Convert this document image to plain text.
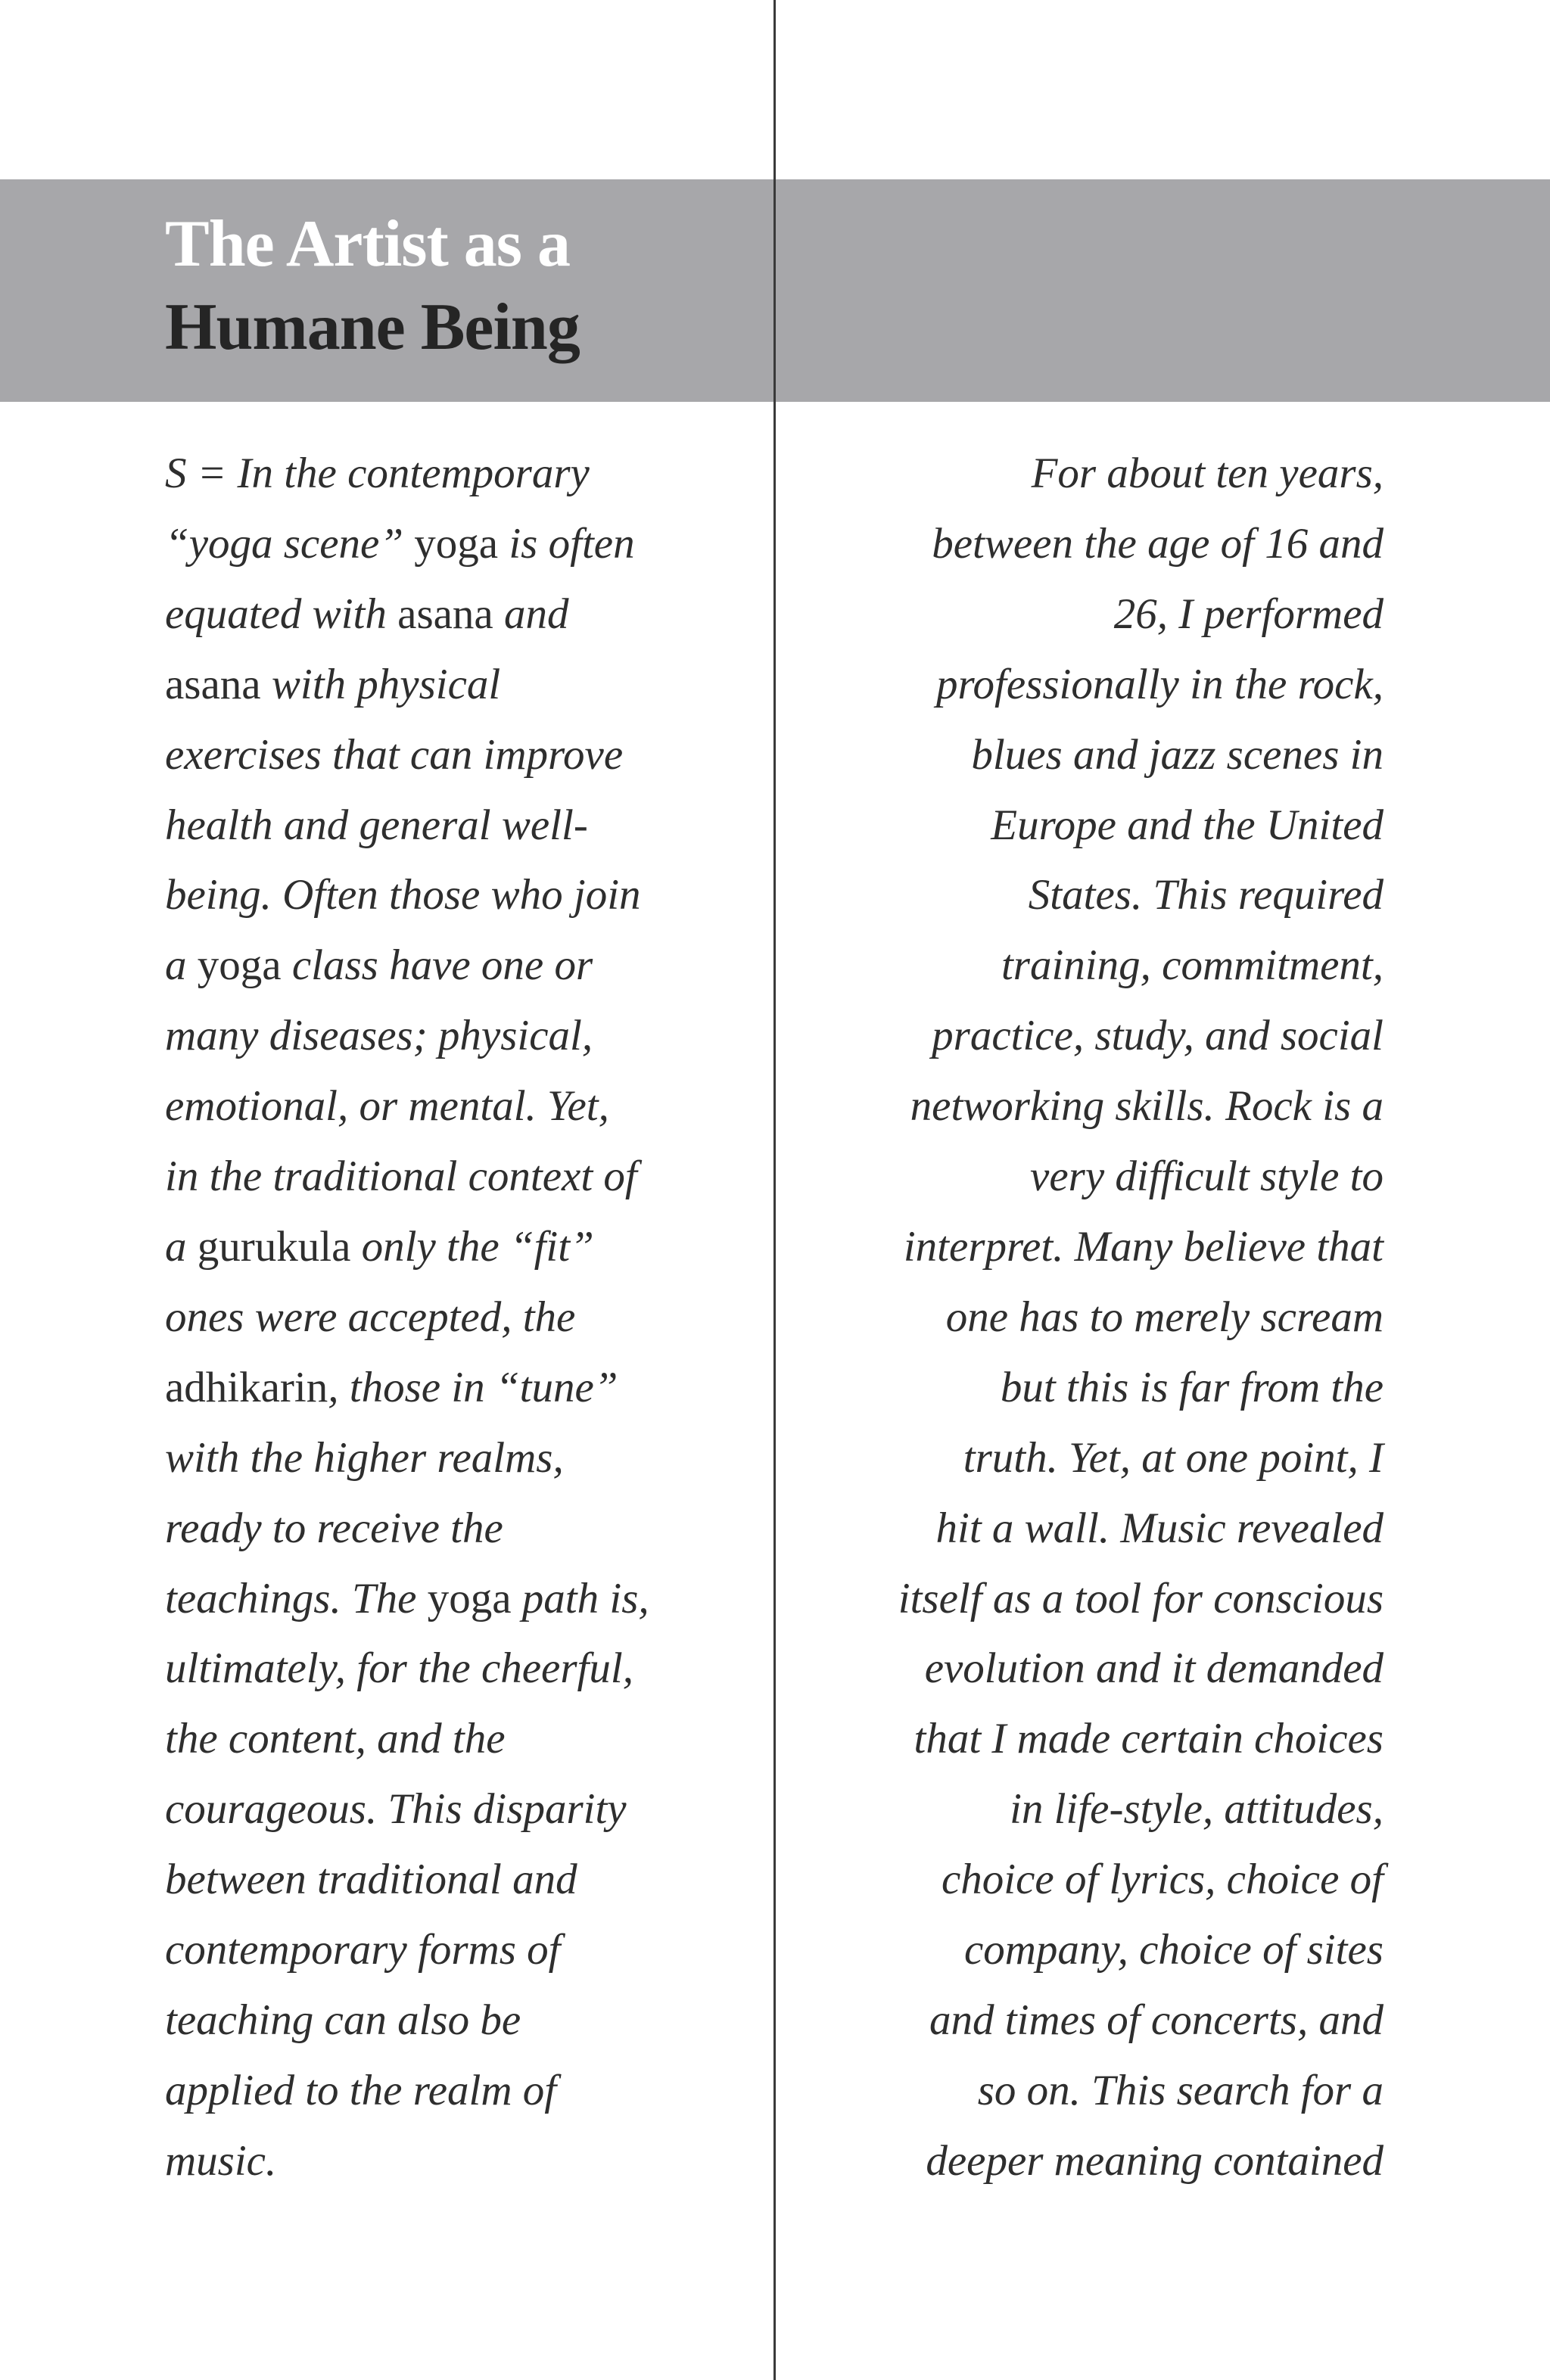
The Artist as a
Humane Being
S = In the contemporary
“yoga scene” yoga is often
equated with asana and
asana with physical
exercises that can improve
health and general well-
being. Often those who join
a yoga class have one or
many diseases; physical,
emotional, or mental. Yet,
in the traditional context of
a gurukula only the “fit”
ones were accepted, the
adhikarin, those in “tune”
with the higher realms,
ready to receive the
teachings. The yoga path is,
ultimately, for the cheerful,
the content, and the
courageous. This disparity
between traditional and
contemporary forms of
teaching can also be
applied to the realm of
music.
For about ten years,
between the age of 16 and
26, I performed
professionally in the rock,
blues and jazz scenes in
Europe and the United
States. This required
training, commitment,
practice, study, and social
networking skills. Rock is a
very difficult style to
interpret. Many believe that
one has to merely scream
but this is far from the
truth. Yet, at one point, I
hit a wall. Music revealed
itself as a tool for conscious
evolution and it demanded
that I made certain choices
in life-style, attitudes,
choice of lyrics, choice of
company, choice of sites
and times of concerts, and
so on. This search for a
deeper meaning contained
